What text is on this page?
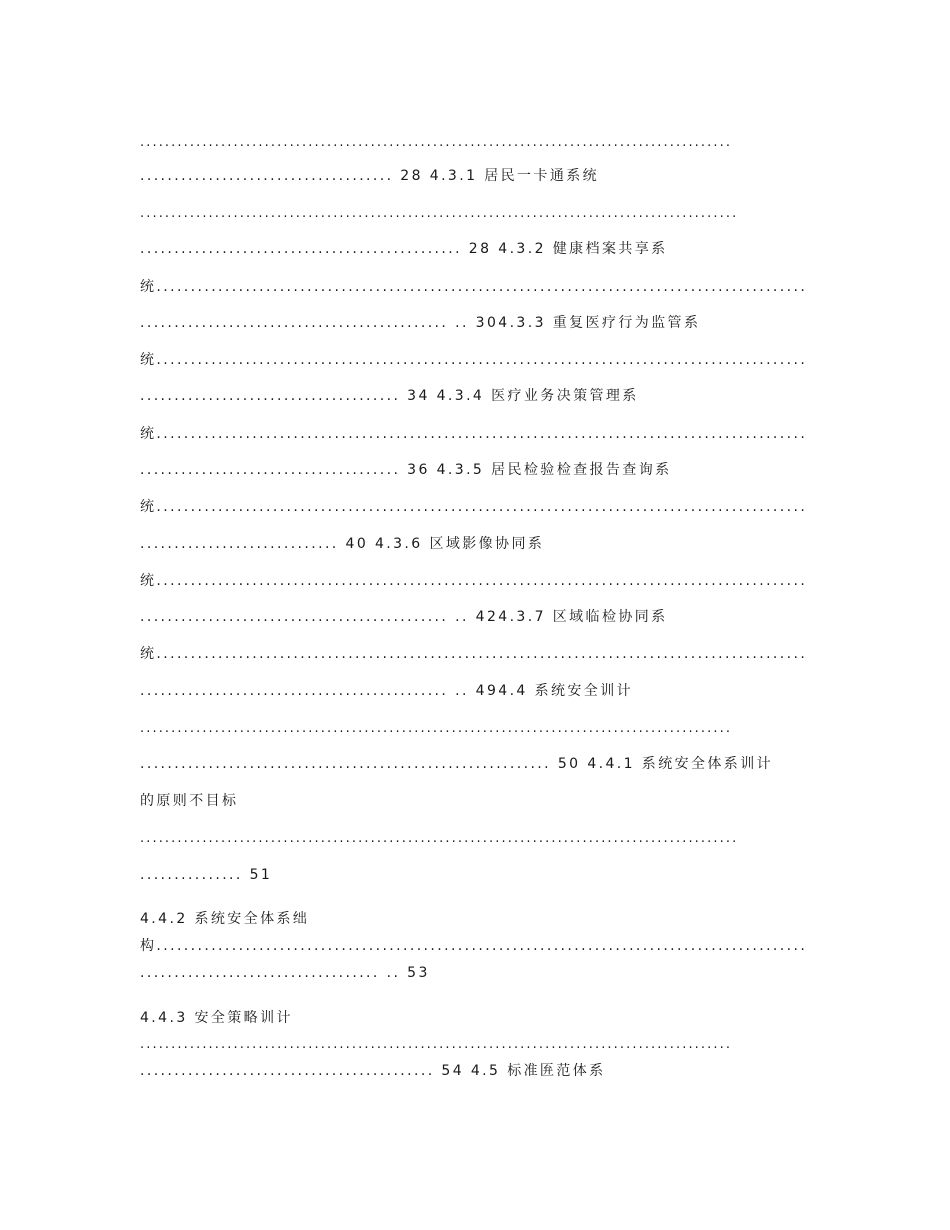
...............................................................................................
..................................... 28 4.3.1 居民一卡通系统
................................................................................................
............................................... 28 4.3.2 健康档案共享系
统...............................................................................................
............................................. .. 304.3.3 重复医疗行为监管系
统...............................................................................................
...................................... 34 4.3.4 医疗业务决策管理系
统...............................................................................................
...................................... 36 4.3.5 居民检验检查报告查询系
统...............................................................................................
............................. 40 4.3.6 区域影像协同系
统...............................................................................................
............................................. .. 424.3.7 区域临检协同系
统...............................................................................................
............................................. .. 494.4 系统安全训计
...............................................................................................
............................................................ 50 4.4.1 系统安全体系训计
的原则不目标
................................................................................................
............... 51
4.4.2 系统安全体系绌
构...............................................................................................
................................... .. 53
4.4.3 安全策略训计
...............................................................................................
........................................... 54 4.5 标准匥范体系
